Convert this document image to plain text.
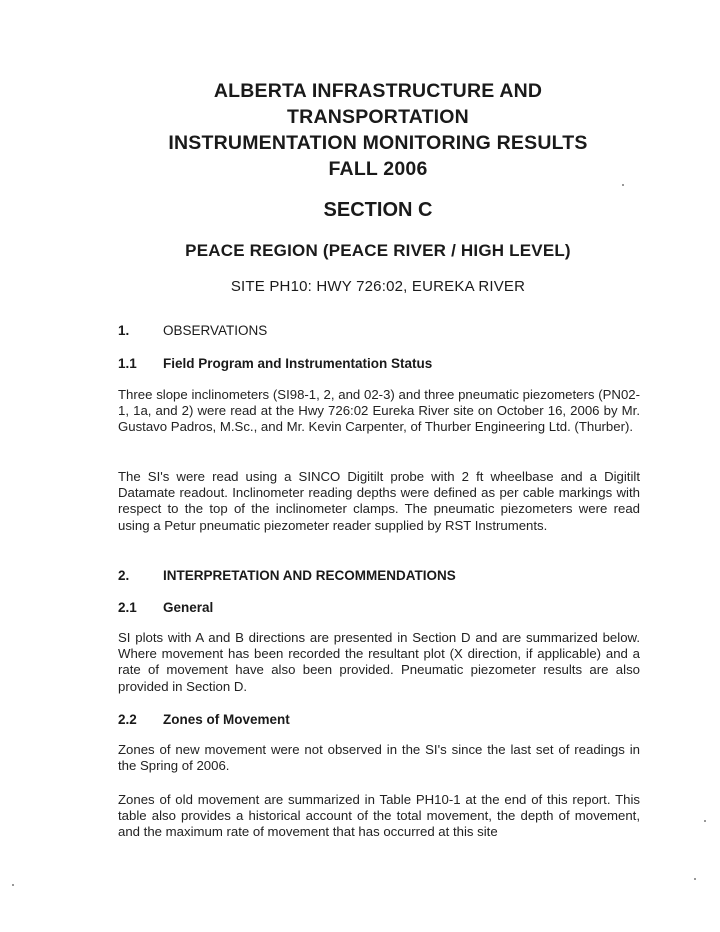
ALBERTA INFRASTRUCTURE AND
TRANSPORTATION
INSTRUMENTATION MONITORING RESULTS
FALL 2006
SECTION C
PEACE REGION (PEACE RIVER / HIGH LEVEL)
SITE PH10: HWY 726:02, EUREKA RIVER
1. OBSERVATIONS
1.1 Field Program and Instrumentation Status
Three slope inclinometers (SI98-1, 2, and 02-3) and three pneumatic piezometers (PN02-1, 1a, and 2) were read at the Hwy 726:02 Eureka River site on October 16, 2006 by Mr. Gustavo Padros, M.Sc., and Mr. Kevin Carpenter, of Thurber Engineering Ltd. (Thurber).
The SI's were read using a SINCO Digitilt probe with 2 ft wheelbase and a Digitilt Datamate readout. Inclinometer reading depths were defined as per cable markings with respect to the top of the inclinometer clamps. The pneumatic piezometers were read using a Petur pneumatic piezometer reader supplied by RST Instruments.
2. INTERPRETATION AND RECOMMENDATIONS
2.1 General
SI plots with A and B directions are presented in Section D and are summarized below. Where movement has been recorded the resultant plot (X direction, if applicable) and a rate of movement have also been provided. Pneumatic piezometer results are also provided in Section D.
2.2 Zones of Movement
Zones of new movement were not observed in the SI's since the last set of readings in the Spring of 2006.
Zones of old movement are summarized in Table PH10-1 at the end of this report. This table also provides a historical account of the total movement, the depth of movement, and the maximum rate of movement that has occurred at this site
